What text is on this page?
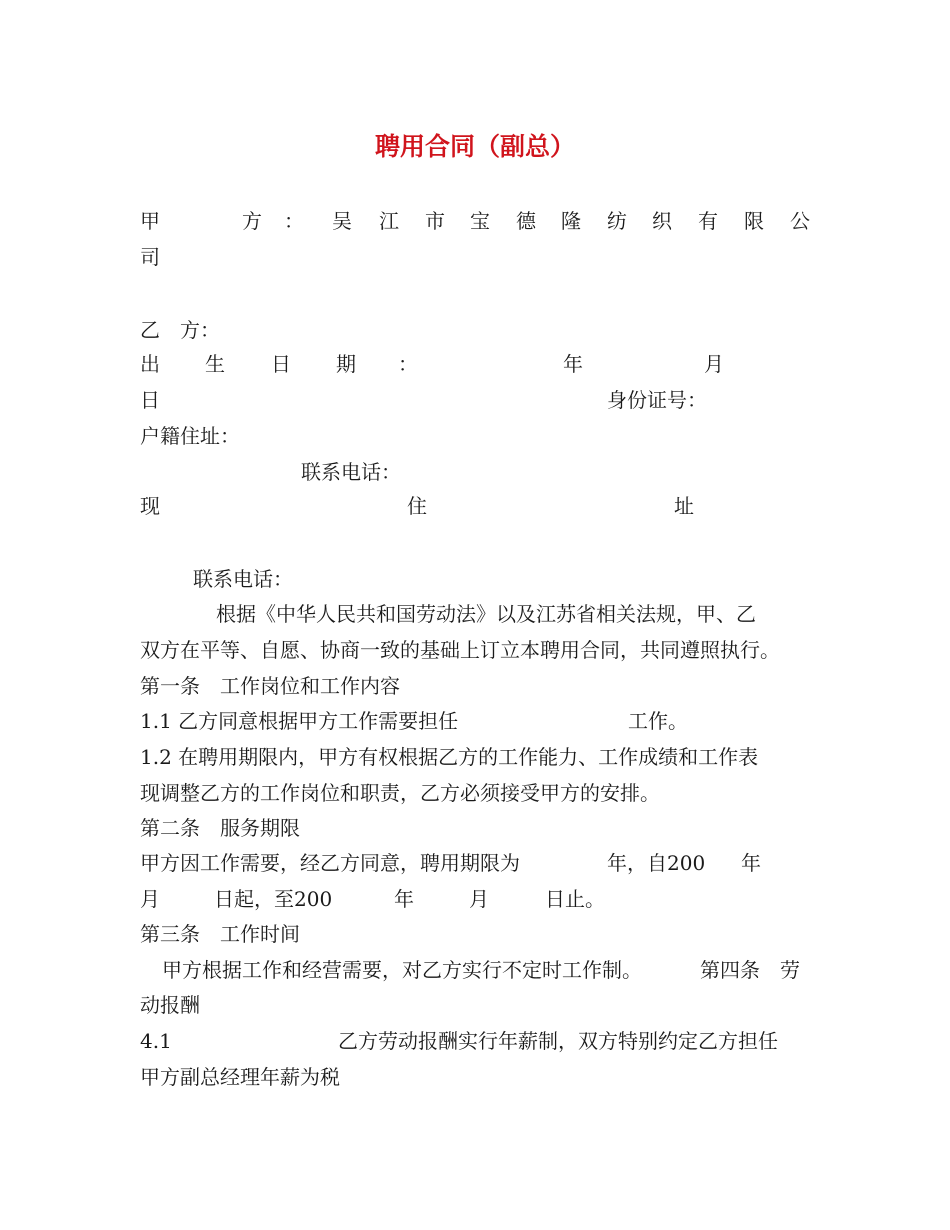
聘用合同（副总）
甲	方 ： 吴 江 市 宝 德 隆 纺 织 有 限 公
司
乙　方：
出 生 日 期 ：	年	月
日	身份证号：
户籍住址：
联系电话：
现	住	址
联系电话：
根据《中华人民共和国劳动法》以及江苏省相关法规，甲、乙
双方在平等、自愿、协商一致的基础上订立本聘用合同，共同遵照执行。
第一条　工作岗位和工作内容
1.1 乙方同意根据甲方工作需要担任	工作。
1.2 在聘用期限内，甲方有权根据乙方的工作能力、工作成绩和工作表
现调整乙方的工作岗位和职责，乙方必须接受甲方的安排。
第二条　服务期限
甲方因工作需要，经乙方同意，聘用期限为	年，自200 年
月	日起，至200	年	月	日止。
第三条　工作时间
甲方根据工作和经营需要，对乙方实行不定时工作制。	第四条　劳
动报酬
4.1	乙方劳动报酬实行年薪制，双方特别约定乙方担任
甲方副总经理年薪为税
